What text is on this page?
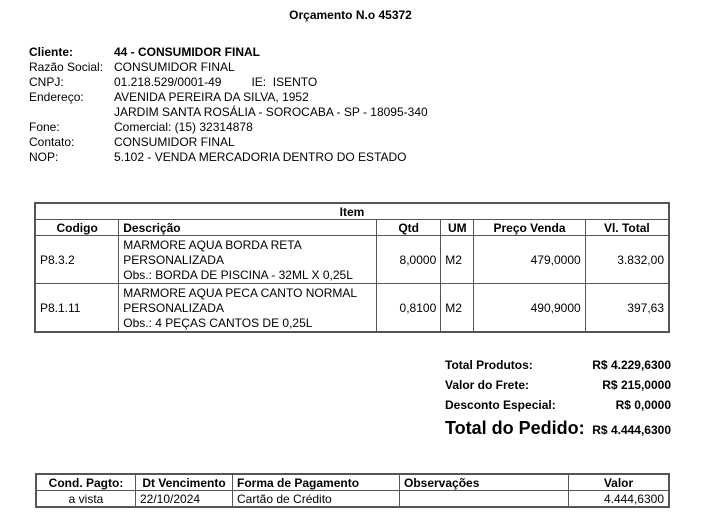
Orçamento N.o 45372
Cliente:	44 - CONSUMIDOR FINAL
Razão Social: CONSUMIDOR FINAL
CNPJ:	01.218.529/0001-49	IE:  ISENTO
Endereço:	AVENIDA PEREIRA DA SILVA, 1952
JARDIM SANTA ROSÁLIA - SOROCABA - SP - 18095-340
Fone:	Comercial: (15) 32314878
Contato:	CONSUMIDOR FINAL
NOP:	5.102 - VENDA MERCADORIA DENTRO DO ESTADO
Item					
Codigo	Descrição	Qtd	UM	Preço Venda	Vl. Total
P8.3.2	MARMORE AQUA BORDA RETA
PERSONALIZADA
Obs.: BORDA DE PISCINA - 32ML X 0,25L	8,0000	M2	479,0000	3.832,00
P8.1.11	MARMORE AQUA PECA CANTO NORMAL
PERSONALIZADA
Obs.: 4 PEÇAS CANTOS DE 0,25L	0,8100	M2	490,9000	397,63
Total Produtos:	R$ 4.229,6300
Valor do Frete:	R$ 215,0000
Desconto Especial:	R$ 0,0000
Total do Pedido: R$ 4.444,6300
Cond. Pagto:	Dt Vencimento	Forma de Pagamento	Observações	Valor
a vista	22/10/2024	Cartão de Crédito		4.444,6300
